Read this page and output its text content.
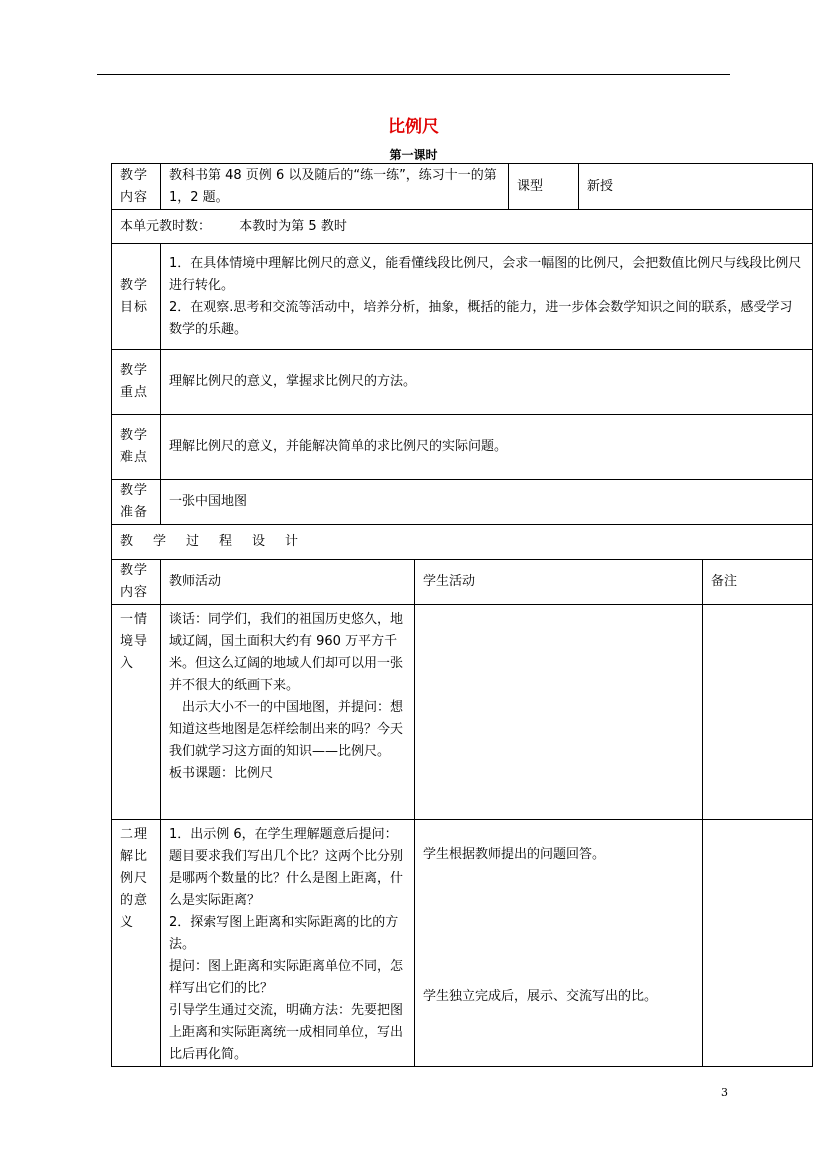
比例尺
第一课时
教学内容	教科书第 48 页例 6 以及随后的“练一练”，练习十一的第 1，2 题。		课型	新授	
本单元教时数： 本教时为第 5 教时					
教学目标	1．在具体情境中理解比例尺的意义，能看懂线段比例尺，会求一幅图的比例尺，会把数值比例尺与线段比例尺进行转化。
2．在观察.思考和交流等活动中，培养分析，抽象，概括的能力，进一步体会数学知识之间的联系，感受学习数学的乐趣。				

教学重点	理解比例尺的意义，掌握求比例尺的方法。				
教学难点	理解比例尺的意义，并能解决简单的求比例尺的实际问题。				
教学准备	一张中国地图				
教学过程设计					
教学内容	教师活动	学生活动			备注
一情境导入	谈话：同学们，我们的祖国历史悠久，地域辽阔，国土面积大约有 960 万平方千米。但这么辽阔的地域人们却可以用一张并不很大的纸画下来。
出示大小不一的中国地图，并提问：想知道这些地图是怎样绘制出来的吗？今天我们就学习这方面的知识——比例尺。
板书课题：比例尺				

二理解比例尺的意义	1．出示例 6，在学生理解题意后提问：题目要求我们写出几个比？这两个比分别是哪两个数量的比？什么是图上距离，什么是实际距离？
2．探索写图上距离和实际距离的比的方法。
提问：图上距离和实际距离单位不同，怎样写出它们的比？
引导学生通过交流，明确方法：先要把图上距离和实际距离统一成相同单位，写出比后再化简。	学生根据教师提出的问题回答。
学生独立完成后，展示、交流写出的比。			

3
